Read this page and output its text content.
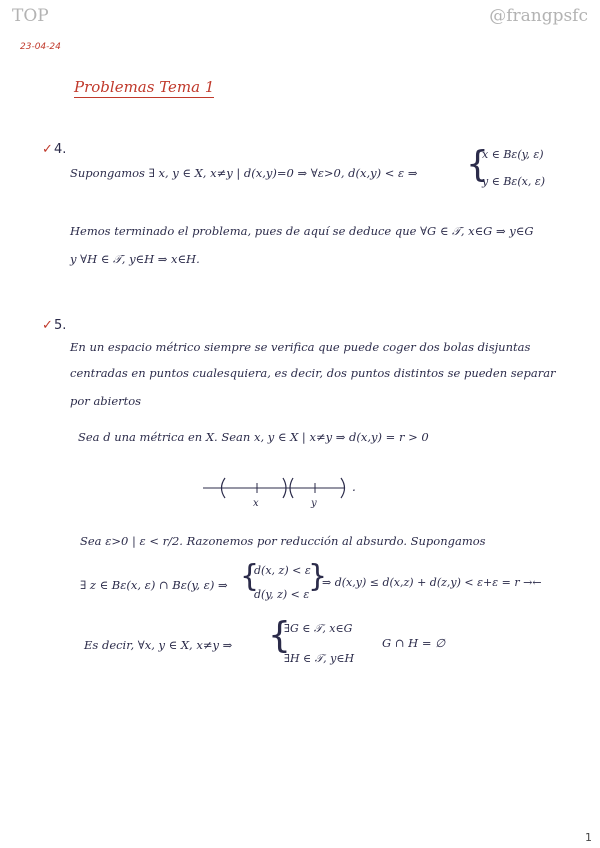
TOP	@frangpsfc
23-04-24
Problemas Tema 1
✓ 4.
Supongamos ∃ x, y ∈ X, x≠y | d(x,y)=0 ⇒ ∀ε>0, d(x,y) < ε ⇒ {
x ∈ Bε(y, ε)
y ∈ Bε(x, ε)
Hemos terminado el problema, pues de aquí se deduce que ∀G ∈ 𝒯, x∈G ⇒ y∈G
y ∀H ∈ 𝒯, y∈H ⇒ x∈H.
✓ 5.
En un espacio métrico siempre se verifica que puede coger dos bolas disjuntas
centradas en puntos cualesquiera, es decir, dos puntos distintos se pueden separar
por abiertos
Sea d una métrica en X. Sean x, y ∈ X | x≠y ⇒ d(x,y) = r > 0
x	y
.
Sea ε>0 | ε < r/2. Razonemos por reducción al absurdo. Supongamos
∃ z ∈ Bε(x, ε) ∩ Bε(y, ε) ⇒ {
d(x, z) < ε
d(y, z) < ε
}
⇒ d(x,y) ≤ d(x,z) + d(z,y) < ε+ε = r →←
Es decir, ∀x, y ∈ X, x≠y ⇒ {
∃G ∈ 𝒯, x∈G
∃H ∈ 𝒯, y∈H
G ∩ H = ∅
1
